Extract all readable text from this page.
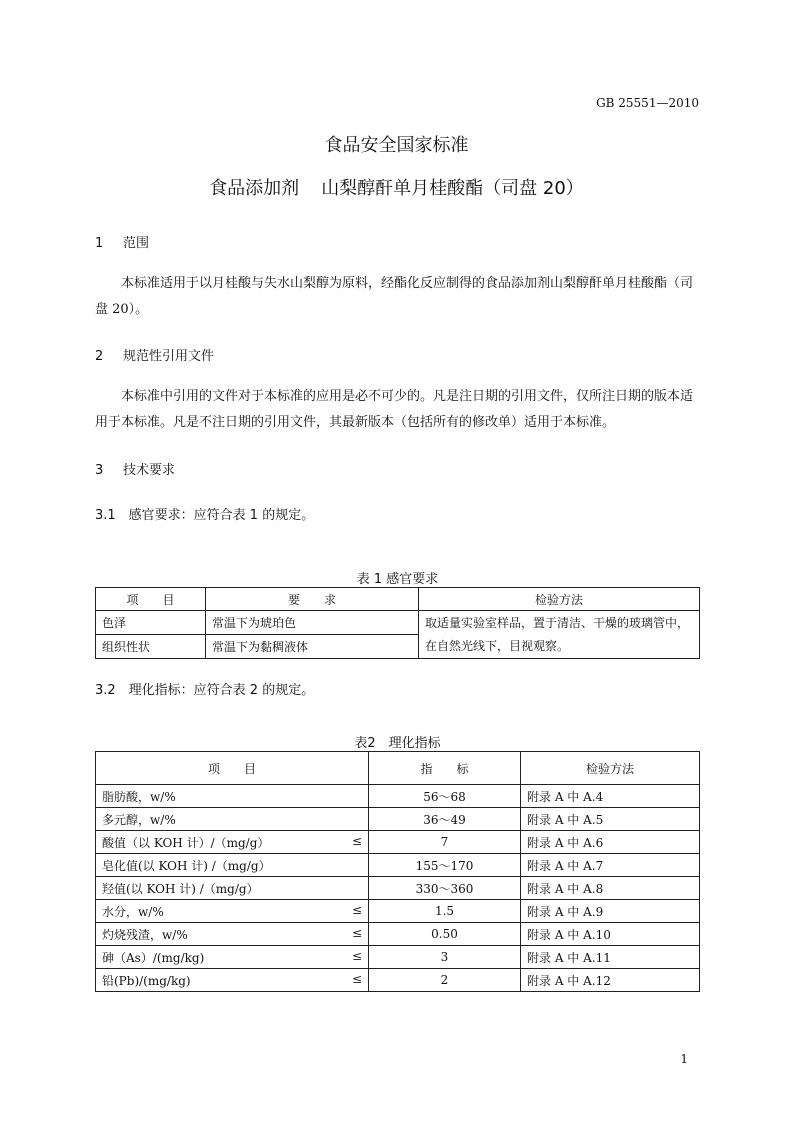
GB 25551—2010
食品安全国家标准
食品添加剂 山梨醇酐单月桂酸酯（司盘 20）
1 范围
本标准适用于以月桂酸与失水山梨醇为原料，经酯化反应制得的食品添加剂山梨醇酐单月桂酸酯（司盘 20）。
2 规范性引用文件
本标准中引用的文件对于本标准的应用是必不可少的。凡是注日期的引用文件，仅所注日期的版本适用于本标准。凡是不注日期的引用文件，其最新版本（包括所有的修改单）适用于本标准。
3 技术要求
3.1　感官要求：应符合表 1 的规定。
表 1 感官要求
项　　目	要　　求	检验方法
色泽	常温下为琥珀色	取适量实验室样品，置于清洁、干燥的玻璃管中，在自然光线下，目视观察。
组织性状	常温下为黏稠液体	
3.2　理化指标：应符合表 2 的规定。
表2　理化指标
项　　目	指　　标	检验方法
脂肪酸，w/%	56～68	附录 A 中 A.4
多元醇，w/%	36～49	附录 A 中 A.5
酸值（以 KOH 计）/（mg/g） ≤	7	附录 A 中 A.6
皂化值(以 KOH 计) /（mg/g）	155～170	附录 A 中 A.7
羟值(以 KOH 计) /（mg/g）	330～360	附录 A 中 A.8
水分，w/% ≤	1.5	附录 A 中 A.9
灼烧残渣，w/% ≤	0.50	附录 A 中 A.10
砷（As）/(mg/kg) ≤	3	附录 A 中 A.11
铅(Pb)/(mg/kg) ≤	2	附录 A 中 A.12
1
